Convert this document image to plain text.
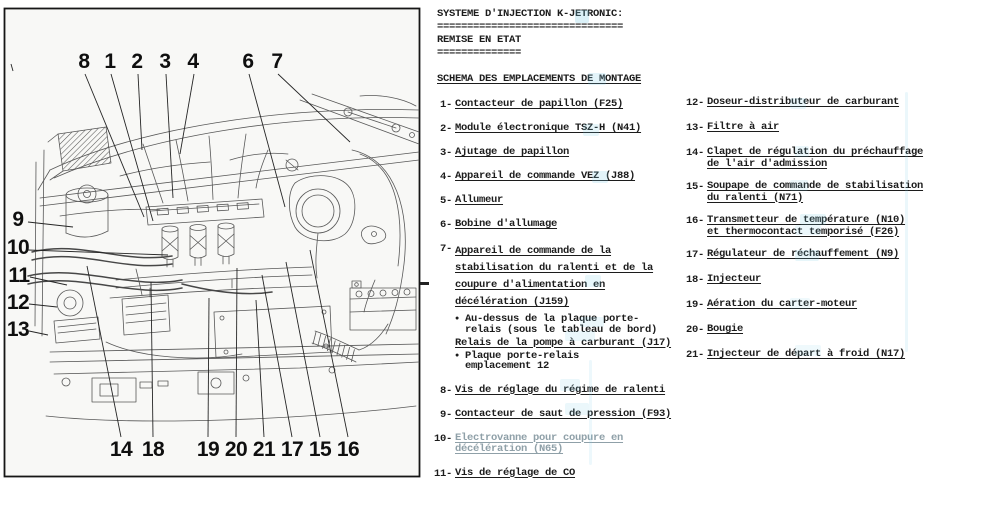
8 1 2 3 4 6 7
9
10
11
12
13
14 18 19 20 21 17 15 16
SYSTEME D'INJECTION K-JETRONIC:
===============================
REMISE EN ETAT
==============
SCHEMA DES EMPLACEMENTS DE MONTAGE
1- Contacteur de papillon (F25)
2- Module électronique TSZ-H (N41)
3- Ajutage de papillon
4- Appareil de commande VEZ (J88)
5- Allumeur
6- Bobine d'allumage
7- Appareil de commande de la
stabilisation du ralenti et de la
coupure d'alimentation en
décélération (J159)
● Au-dessus de la plaque porte-
relais (sous le tableau de bord)
Relais de la pompe à carburant (J17)
● Plaque porte-relais
emplacement 12
8- Vis de réglage du régime de ralenti
9- Contacteur de saut de pression (F93)
10- Electrovanne pour coupure en
décélération (N65)
11- Vis de réglage de CO
12- Doseur-distributeur de carburant
13- Filtre à air
14- Clapet de régulation du préchauffage
de l'air d'admission
15- Soupape de commande de stabilisation
du ralenti (N71)
16- Transmetteur de température (N10)
et thermocontact temporisé (F26)
17- Régulateur de réchauffement (N9)
18- Injecteur
19- Aération du carter-moteur
20- Bougie
21- Injecteur de départ à froid (N17)
